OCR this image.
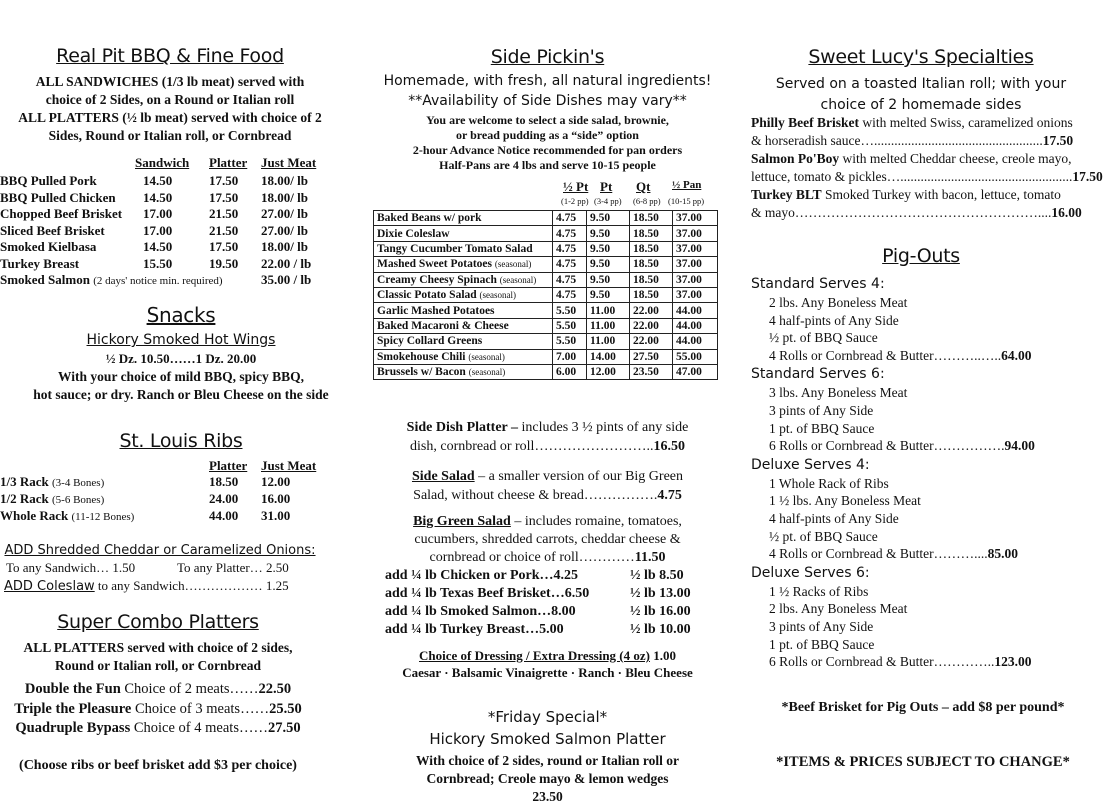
Real Pit BBQ & Fine Food
ALL SANDWICHES (1/3 lb meat) served with
choice of 2 Sides, on a Round or Italian roll
ALL PLATTERS (½ lb meat) served with choice of 2
Sides, Round or Italian roll, or Cornbread
Sandwich Platter Just Meat
BBQ Pulled Pork	14.50	17.50 18.00/ lb
BBQ Pulled Chicken 14.50	17.50 18.00/ lb
Chopped Beef Brisket 17.00	21.50 27.00/ lb
Sliced Beef Brisket	17.00	21.50 27.00/ lb
Smoked Kielbasa	14.50	17.50 18.00/ lb
Turkey Breast	15.50	19.50 22.00 / lb
Smoked Salmon (2 days' notice min. required)	35.00 / lb
Snacks
Hickory Smoked Hot Wings
½ Dz. 10.50……1 Dz. 20.00
With your choice of mild BBQ, spicy BBQ,
hot sauce; or dry. Ranch or Bleu Cheese on the side
St. Louis Ribs
Platter Just Meat
1/3 Rack (3-4 Bones)	18.50 12.00
1/2 Rack (5-6 Bones)	24.00 16.00
Whole Rack (11-12 Bones)	44.00 31.00
ADD Shredded Cheddar or Caramelized Onions:
To any Sandwich… 1.50	To any Platter… 2.50
ADD Coleslaw to any Sandwich……………… 1.25
Super Combo Platters
ALL PLATTERS served with choice of 2 sides,
Round or Italian roll, or Cornbread
Double the Fun Choice of 2 meats……22.50
Triple the Pleasure Choice of 3 meats……25.50
Quadruple Bypass Choice of 4 meats……27.50
(Choose ribs or beef brisket add $3 per choice)
Side Pickin's
Homemade, with fresh, all natural ingredients!
**Availability of Side Dishes may vary**
You are welcome to select a side salad, brownie,
or bread pudding as a “side” option
2-hour Advance Notice recommended for pan orders
Half-Pans are 4 lbs and serve 10-15 people
½ Pt
(1-2 pp)
Pt
(3-4 pp)
Qt
(6-8 pp)
½ Pan
(10-15 pp)
Baked Beans w/ pork	4.75	9.50	18.50	37.00
Dixie Coleslaw	4.75	9.50	18.50	37.00
Tangy Cucumber Tomato Salad	4.75	9.50	18.50	37.00
Mashed Sweet Potatoes (seasonal)	4.75	9.50	18.50	37.00
Creamy Cheesy Spinach (seasonal)	4.75	9.50	18.50	37.00
Classic Potato Salad (seasonal)	4.75	9.50	18.50	37.00
Garlic Mashed Potatoes	5.50	11.00	22.00	44.00
Baked Macaroni & Cheese	5.50	11.00	22.00	44.00
Spicy Collard Greens	5.50	11.00	22.00	44.00
Smokehouse Chili (seasonal)	7.00	14.00	27.50	55.00
Brussels w/ Bacon (seasonal)	6.00	12.00	23.50	47.00
Side Dish Platter – includes 3 ½ pints of any side
dish, cornbread or roll……………………..16.50
Side Salad – a smaller version of our Big Green
Salad, without cheese & bread…………….4.75
Big Green Salad – includes romaine, tomatoes,
cucumbers, shredded carrots, cheddar cheese &
cornbread or choice of roll…………11.50
add ¼ lb Chicken or Pork…4.25	½ lb 8.50
add ¼ lb Texas Beef Brisket…6.50	½ lb 13.00
add ¼ lb Smoked Salmon…8.00	½ lb 16.00
add ¼ lb Turkey Breast…5.00	½ lb 10.00
Choice of Dressing / Extra Dressing (4 oz) 1.00
Caesar · Balsamic Vinaigrette · Ranch · Bleu Cheese
*Friday Special*
Hickory Smoked Salmon Platter
With choice of 2 sides, round or Italian roll or
Cornbread; Creole mayo & lemon wedges
23.50
Sweet Lucy's Specialties
Served on a toasted Italian roll; with your
choice of 2 homemade sides
Philly Beef Brisket with melted Swiss, caramelized onions
& horseradish sauce…..................................................17.50
Salmon Po'Boy with melted Cheddar cheese, creole mayo,
lettuce, tomato & pickles…...................................................17.50
Turkey BLT Smoked Turkey with bacon, lettuce, tomato
& mayo………………………………………………....16.00
Pig-Outs
Standard Serves 4:
2 lbs. Any Boneless Meat
4 half-pints of Any Side
½ pt. of BBQ Sauce
4 Rolls or Cornbread & Butter………..…..64.00
Standard Serves 6:
3 lbs. Any Boneless Meat
3 pints of Any Side
1 pt. of BBQ Sauce
6 Rolls or Cornbread & Butter…………….94.00
Deluxe Serves 4:
1 Whole Rack of Ribs
1 ½ lbs. Any Boneless Meat
4 half-pints of Any Side
½ pt. of BBQ Sauce
4 Rolls or Cornbread & Butter………....85.00
Deluxe Serves 6:
1 ½ Racks of Ribs
2 lbs. Any Boneless Meat
3 pints of Any Side
1 pt. of BBQ Sauce
6 Rolls or Cornbread & Butter…………..123.00
*Beef Brisket for Pig Outs – add $8 per pound*
*ITEMS & PRICES SUBJECT TO CHANGE*
